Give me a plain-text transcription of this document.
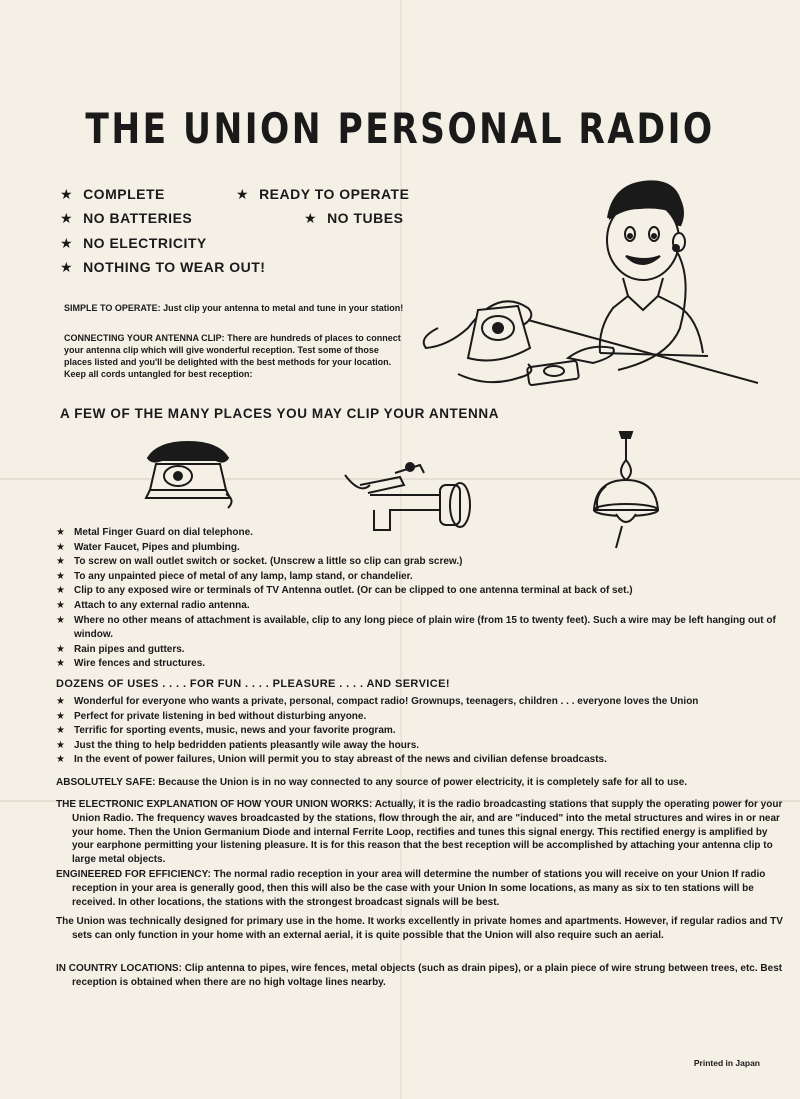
THE UNION PERSONAL RADIO
★ COMPLETE
★ NO BATTERIES
★ NO ELECTRICITY
★ NOTHING TO WEAR OUT!
★ READY TO OPERATE
★ NO TUBES
SIMPLE TO OPERATE: Just clip your antenna to metal and tune in your station!
CONNECTING YOUR ANTENNA CLIP: There are hundreds of places to connect your antenna clip which will give wonderful reception. Test some of those places listed and you'll be delighted with the best methods for your location. Keep all cords untangled for best reception:
A FEW OF THE MANY PLACES YOU MAY CLIP YOUR ANTENNA
★ Metal Finger Guard on dial telephone.
★ Water Faucet, Pipes and plumbing.
★ To screw on wall outlet switch or socket. (Unscrew a little so clip can grab screw.)
★ To any unpainted piece of metal of any lamp, lamp stand, or chandelier.
★ Clip to any exposed wire or terminals of TV Antenna outlet. (Or can be clipped to one antenna terminal at back of set.)
★ Attach to any external radio antenna.
★ Where no other means of attachment is available, clip to any long piece of plain wire (from 15 to twenty feet). Such a wire may be left hanging out of window.
★ Rain pipes and gutters.
★ Wire fences and structures.
DOZENS OF USES . . . . FOR FUN . . . . PLEASURE . . . . AND SERVICE!
★ Wonderful for everyone who wants a private, personal, compact radio! Grownups, teenagers, children . . . everyone loves the Union
★ Perfect for private listening in bed without disturbing anyone.
★ Terrific for sporting events, music, news and your favorite program.
★ Just the thing to help bedridden patients pleasantly wile away the hours.
★ In the event of power failures, Union will permit you to stay abreast of the news and civilian defense broadcasts.
ABSOLUTELY SAFE: Because the Union is in no way connected to any source of power electricity, it is completely safe for all to use.
THE ELECTRONIC EXPLANATION OF HOW YOUR UNION WORKS: Actually, it is the radio broadcasting stations that supply the operating power for your Union Radio. The frequency waves broadcasted by the stations, flow through the air, and are "induced" into the metal structures and wires in or near your home. Then the Union Germanium Diode and internal Ferrite Loop, rectifies and tunes this signal energy. This rectified energy is amplified by your earphone permitting your listening pleasure. It is for this reason that the best reception will be accomplished by attaching your antenna clip to large metal objects.
ENGINEERED FOR EFFICIENCY: The normal radio reception in your area will determine the number of stations you will receive on your Union If radio reception in your area is generally good, then this will also be the case with your Union In some locations, as many as six to ten stations will be received. In other locations, the stations with the strongest broadcast signals will be best.
The Union was technically designed for primary use in the home. It works excellently in private homes and apartments. However, if regular radios and TV sets can only function in your home with an external aerial, it is quite possible that the Union will also require such an aerial.
IN COUNTRY LOCATIONS: Clip antenna to pipes, wire fences, metal objects (such as drain pipes), or a plain piece of wire strung between trees, etc. Best reception is obtained when there are no high voltage lines nearby.
Printed in Japan
